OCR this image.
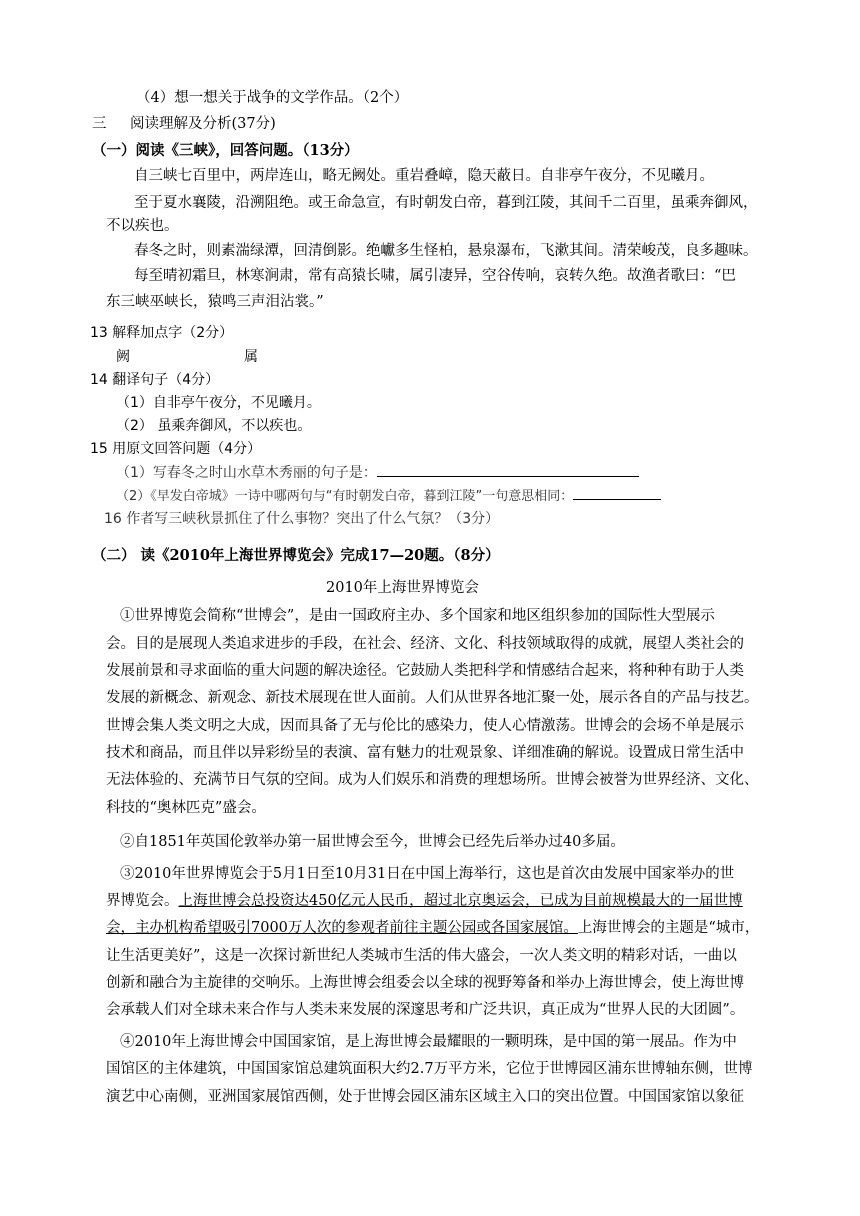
（4）想一想关于战争的文学作品。（2个）
三 阅读理解及分析(37分)
（一）阅读《三峡》，回答问题。（13分）
自三峡七百里中，两岸连山，略无阙处。重岩叠嶂，隐天蔽日。自非亭午夜分，不见曦月。
至于夏水襄陵，沿溯阻绝。或王命急宣，有时朝发白帝，暮到江陵，其间千二百里，虽乘奔御风，
不以疾也。
春冬之时，则素湍绿潭，回清倒影。绝巘多生怪柏，悬泉瀑布，飞漱其间。清荣峻茂，良多趣味。
每至晴初霜旦，林寒涧肃，常有高猿长啸，属引凄异，空谷传响，哀转久绝。故渔者歌曰：“巴
东三峡巫峡长，猿鸣三声泪沾裳。”
13 解释加点字（2分）
阙	属
14 翻译句子（4分）
（1）自非亭午夜分，不见曦月。
（2） 虽乘奔御风，不以疾也。
15 用原文回答问题（4分）
（1）写春冬之时山水草木秀丽的句子是：
（2）《早发白帝城》一诗中哪两句与“有时朝发白帝，暮到江陵”一句意思相同：
16 作者写三峡秋景抓住了什么事物？突出了什么气氛？（3分）
（二） 读《2010年上海世界博览会》完成17—20题。（8分）
2010年上海世界博览会
①世界博览会简称“世博会”，是由一国政府主办、多个国家和地区组织参加的国际性大型展示
会。目的是展现人类追求进步的手段，在社会、经济、文化、科技领域取得的成就，展望人类社会的
发展前景和寻求面临的重大问题的解决途径。它鼓励人类把科学和情感结合起来，将种种有助于人类
发展的新概念、新观念、新技术展现在世人面前。人们从世界各地汇聚一处，展示各自的产品与技艺。
世博会集人类文明之大成，因而具备了无与伦比的感染力，使人心情激荡。世博会的会场不单是展示
技术和商品，而且伴以异彩纷呈的表演、富有魅力的壮观景象、详细准确的解说。设置成日常生活中
无法体验的、充满节日气氛的空间。成为人们娱乐和消费的理想场所。世博会被誉为世界经济、文化、
科技的“奥林匹克”盛会。
②自1851年英国伦敦举办第一届世博会至今，世博会已经先后举办过40多届。
③2010年世界博览会于5月1日至10月31日在中国上海举行，这也是首次由发展中国家举办的世
界博览会。上海世博会总投资达450亿元人民币，超过北京奥运会，已成为目前规模最大的一届世博
会，主办机构希望吸引7000万人次的参观者前往主题公园或各国家展馆。上海世博会的主题是“城市，
让生活更美好”，这是一次探讨新世纪人类城市生活的伟大盛会，一次人类文明的精彩对话，一曲以
创新和融合为主旋律的交响乐。上海世博会组委会以全球的视野筹备和举办上海世博会，使上海世博
会承载人们对全球未来合作与人类未来发展的深邃思考和广泛共识，真正成为“世界人民的大团圆”。
④2010年上海世博会中国国家馆，是上海世博会最耀眼的一颗明珠，是中国的第一展品。作为中
国馆区的主体建筑，中国国家馆总建筑面积大约2.7万平方米，它位于世博园区浦东世博轴东侧，世博
演艺中心南侧，亚洲国家展馆西侧，处于世博会园区浦东区域主入口的突出位置。中国国家馆以象征
